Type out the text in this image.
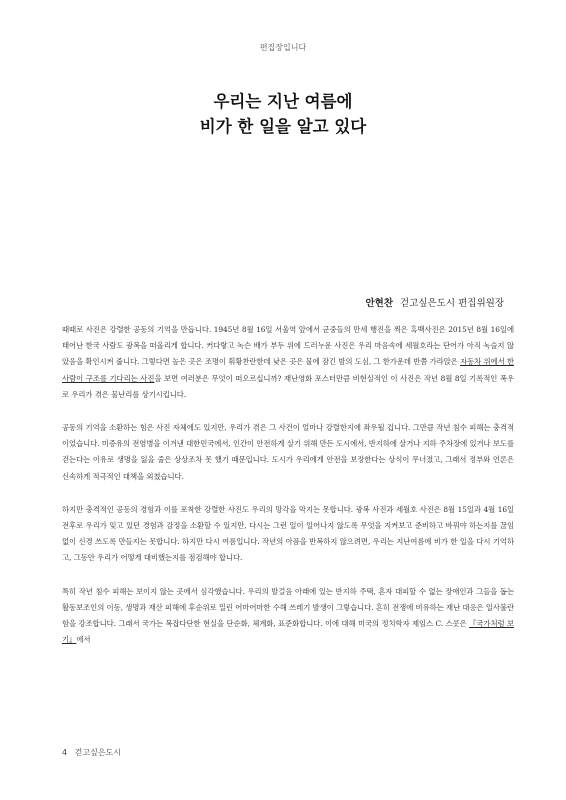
편집장입니다
우리는 지난 여름에
비가 한 일을 알고 있다
안현찬 걷고싶은도시 편집위원장

때때로 사진은 강렬한 공동의 기억을 만듭니다. 1945년 8월 16일 서울역 앞에서 군중들의 만세 행진을 찍은 흑백사진은 2015년 8월 16일에 태어난 한국 사람도 광복을 떠올리게 합니다. 커다랗고 녹슨 배가 부두 위에 드러누운 사진은 우리 마음속에 세월호라는 단어가 아직 녹슬지 않았음을 확인시켜 줍니다. 그렇다면 높은 곳은 조명이 휘황찬란한데 낮은 곳은 물에 잠긴 밤의 도심, 그 한가운데 반쯤 가라앉은 자동차 위에서 한 사람이 구조를 기다리는 사진을 보면 여러분은 무엇이 떠오르십니까? 재난영화 포스터만큼 비현실적인 이 사진은 작년 8월 8일 기록적인 폭우로 우리가 겪은 물난리를 상기시킵니다.

공동의 기억을 소환하는 힘은 사진 자체에도 있지만, 우리가 겪은 그 사건이 얼마나 강렬한지에 좌우될 겁니다. 그만큼 작년 침수 피해는 충격적이었습니다. 미증유의 전염병을 이겨낸 대한민국에서, 인간이 안전하게 살기 위해 만든 도시에서, 반지하에 살거나 지하 주차장에 있거나 보도를 걷는다는 이유로 생명을 잃을 줄은 상상조차 못 했기 때문입니다. 도시가 우리에게 안전을 보장한다는 상식이 무너졌고, 그래서 정부와 언론은 신속하게 적극적인 대책을 외쳤습니다.

하지만 충격적인 공동의 경험과 이를 포착한 강렬한 사진도 우리의 망각을 막지는 못합니다. 광복 사진과 세월호 사진은 8월 15일과 4월 16일 전후로 우리가 잊고 있던 경험과 감정을 소환할 수 있지만, 다시는 그런 일이 일어나지 않도록 무엇을 지켜보고 준비하고 바꿔야 하는지를 끊임 없이 신경 쓰도록 만들지는 못합니다. 하지만 다시 여름입니다. 작년의 아픔을 반복하지 않으려면, 우리는 지난여름에 비가 한 일을 다시 기억하고, 그동안 우리가 어떻게 대비했는지를 점검해야 합니다.

특히 작년 침수 피해는 보이지 않는 곳에서 심각했습니다. 우리의 발걸음 아래에 있는 반지하 주택, 혼자 대피할 수 없는 장애인과 그들을 돕는 활동보조인의 이동, 생명과 재산 피해에 후순위로 밀린 어마어마한 수해 쓰레기 발생이 그렇습니다. 흔히 전쟁에 비유하는 재난 대응은 일사불란함을 강조합니다. 그래서 국가는 복잡다단한 현실을 단순화, 체계화, 표준화합니다. 이에 대해 미국의 정치학자 제임스 C. 스콧은 『국가처럼 보기』에서

4 걷고싶은도시
